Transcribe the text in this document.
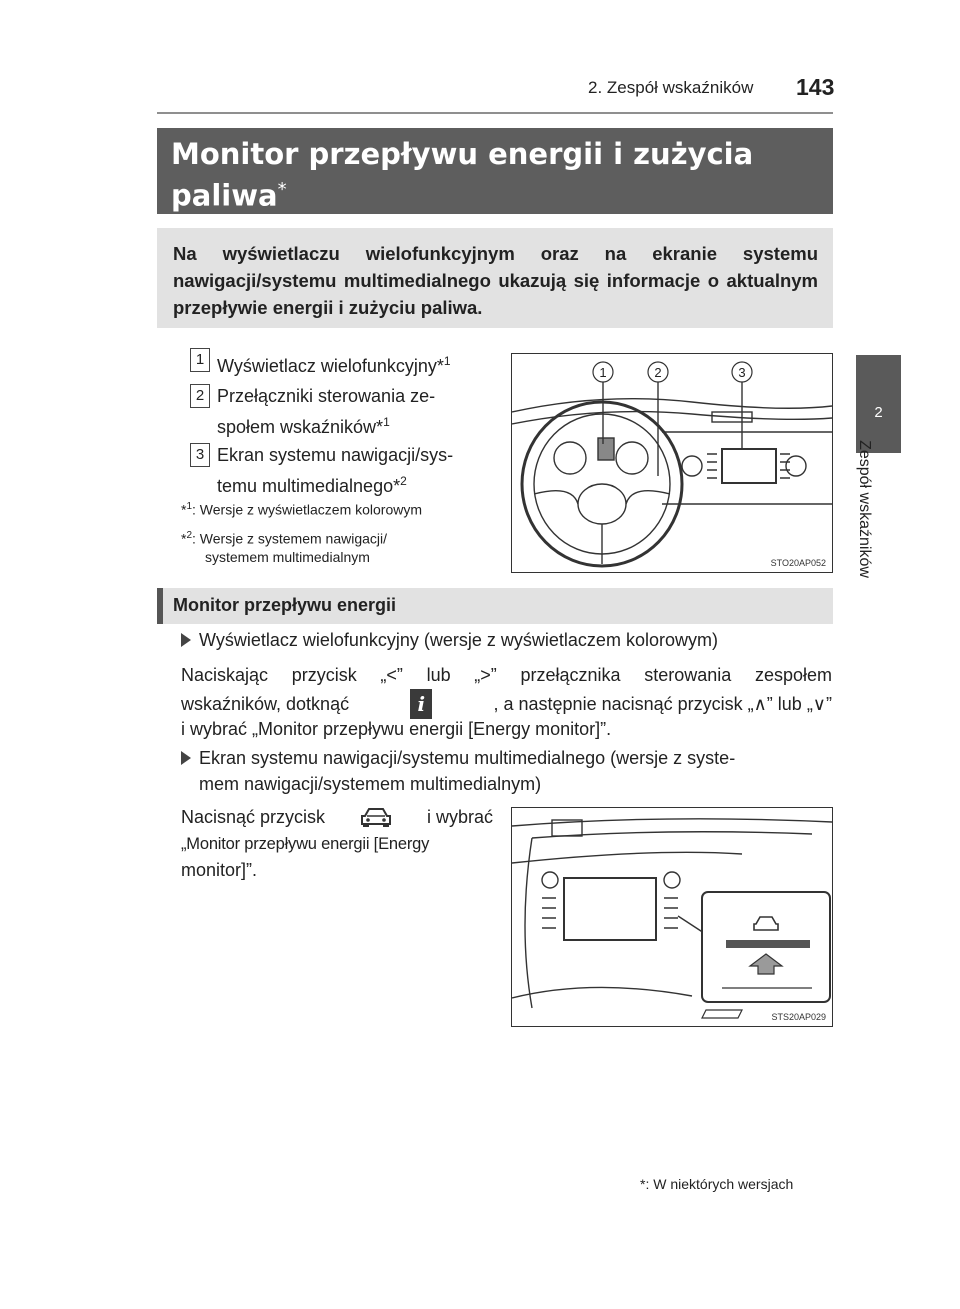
2. Zespół wskaźników 143
2
Zespół wskaźników
Monitor przepływu energii i zużycia paliwa*
Na wyświetlaczu wielofunkcyjnym oraz na ekranie systemu nawigacji/systemu multimedialnego ukazują się informacje o aktualnym przepływie energii i zużyciu paliwa.
1 Wyświetlacz wielofunkcyjny*$^1$
2 Przełączniki sterowania ze-
społem wskaźników*$^1$
3 Ekran systemu nawigacji/sys-
temu multimedialnego*$^2$
*$^1$: Wersje z wyświetlaczem kolorowym
*$^2$: Wersje z systemem nawigacji/
systemem multimedialnym
1	2	3
STO20AP052
Monitor przepływu energii
Wyświetlacz wielofunkcyjny (wersje z wyświetlaczem kolorowym)
Naciskając przycisk „<” lub „>” przełącznika sterowania zespołem
wskaźników, dotknąć	i	, a następnie nacisnąć przycisk „∧” lub „∨”
i wybrać „Monitor przepływu energii [Energy monitor]”.
Ekran systemu nawigacji/systemu multimedialnego (wersje z syste-
mem nawigacji/systemem multimedialnym)
Nacisnąć przycisk	i wybrać
„Monitor przepływu energii [Energy
monitor]”.
STS20AP029
*: W niektórych wersjach
